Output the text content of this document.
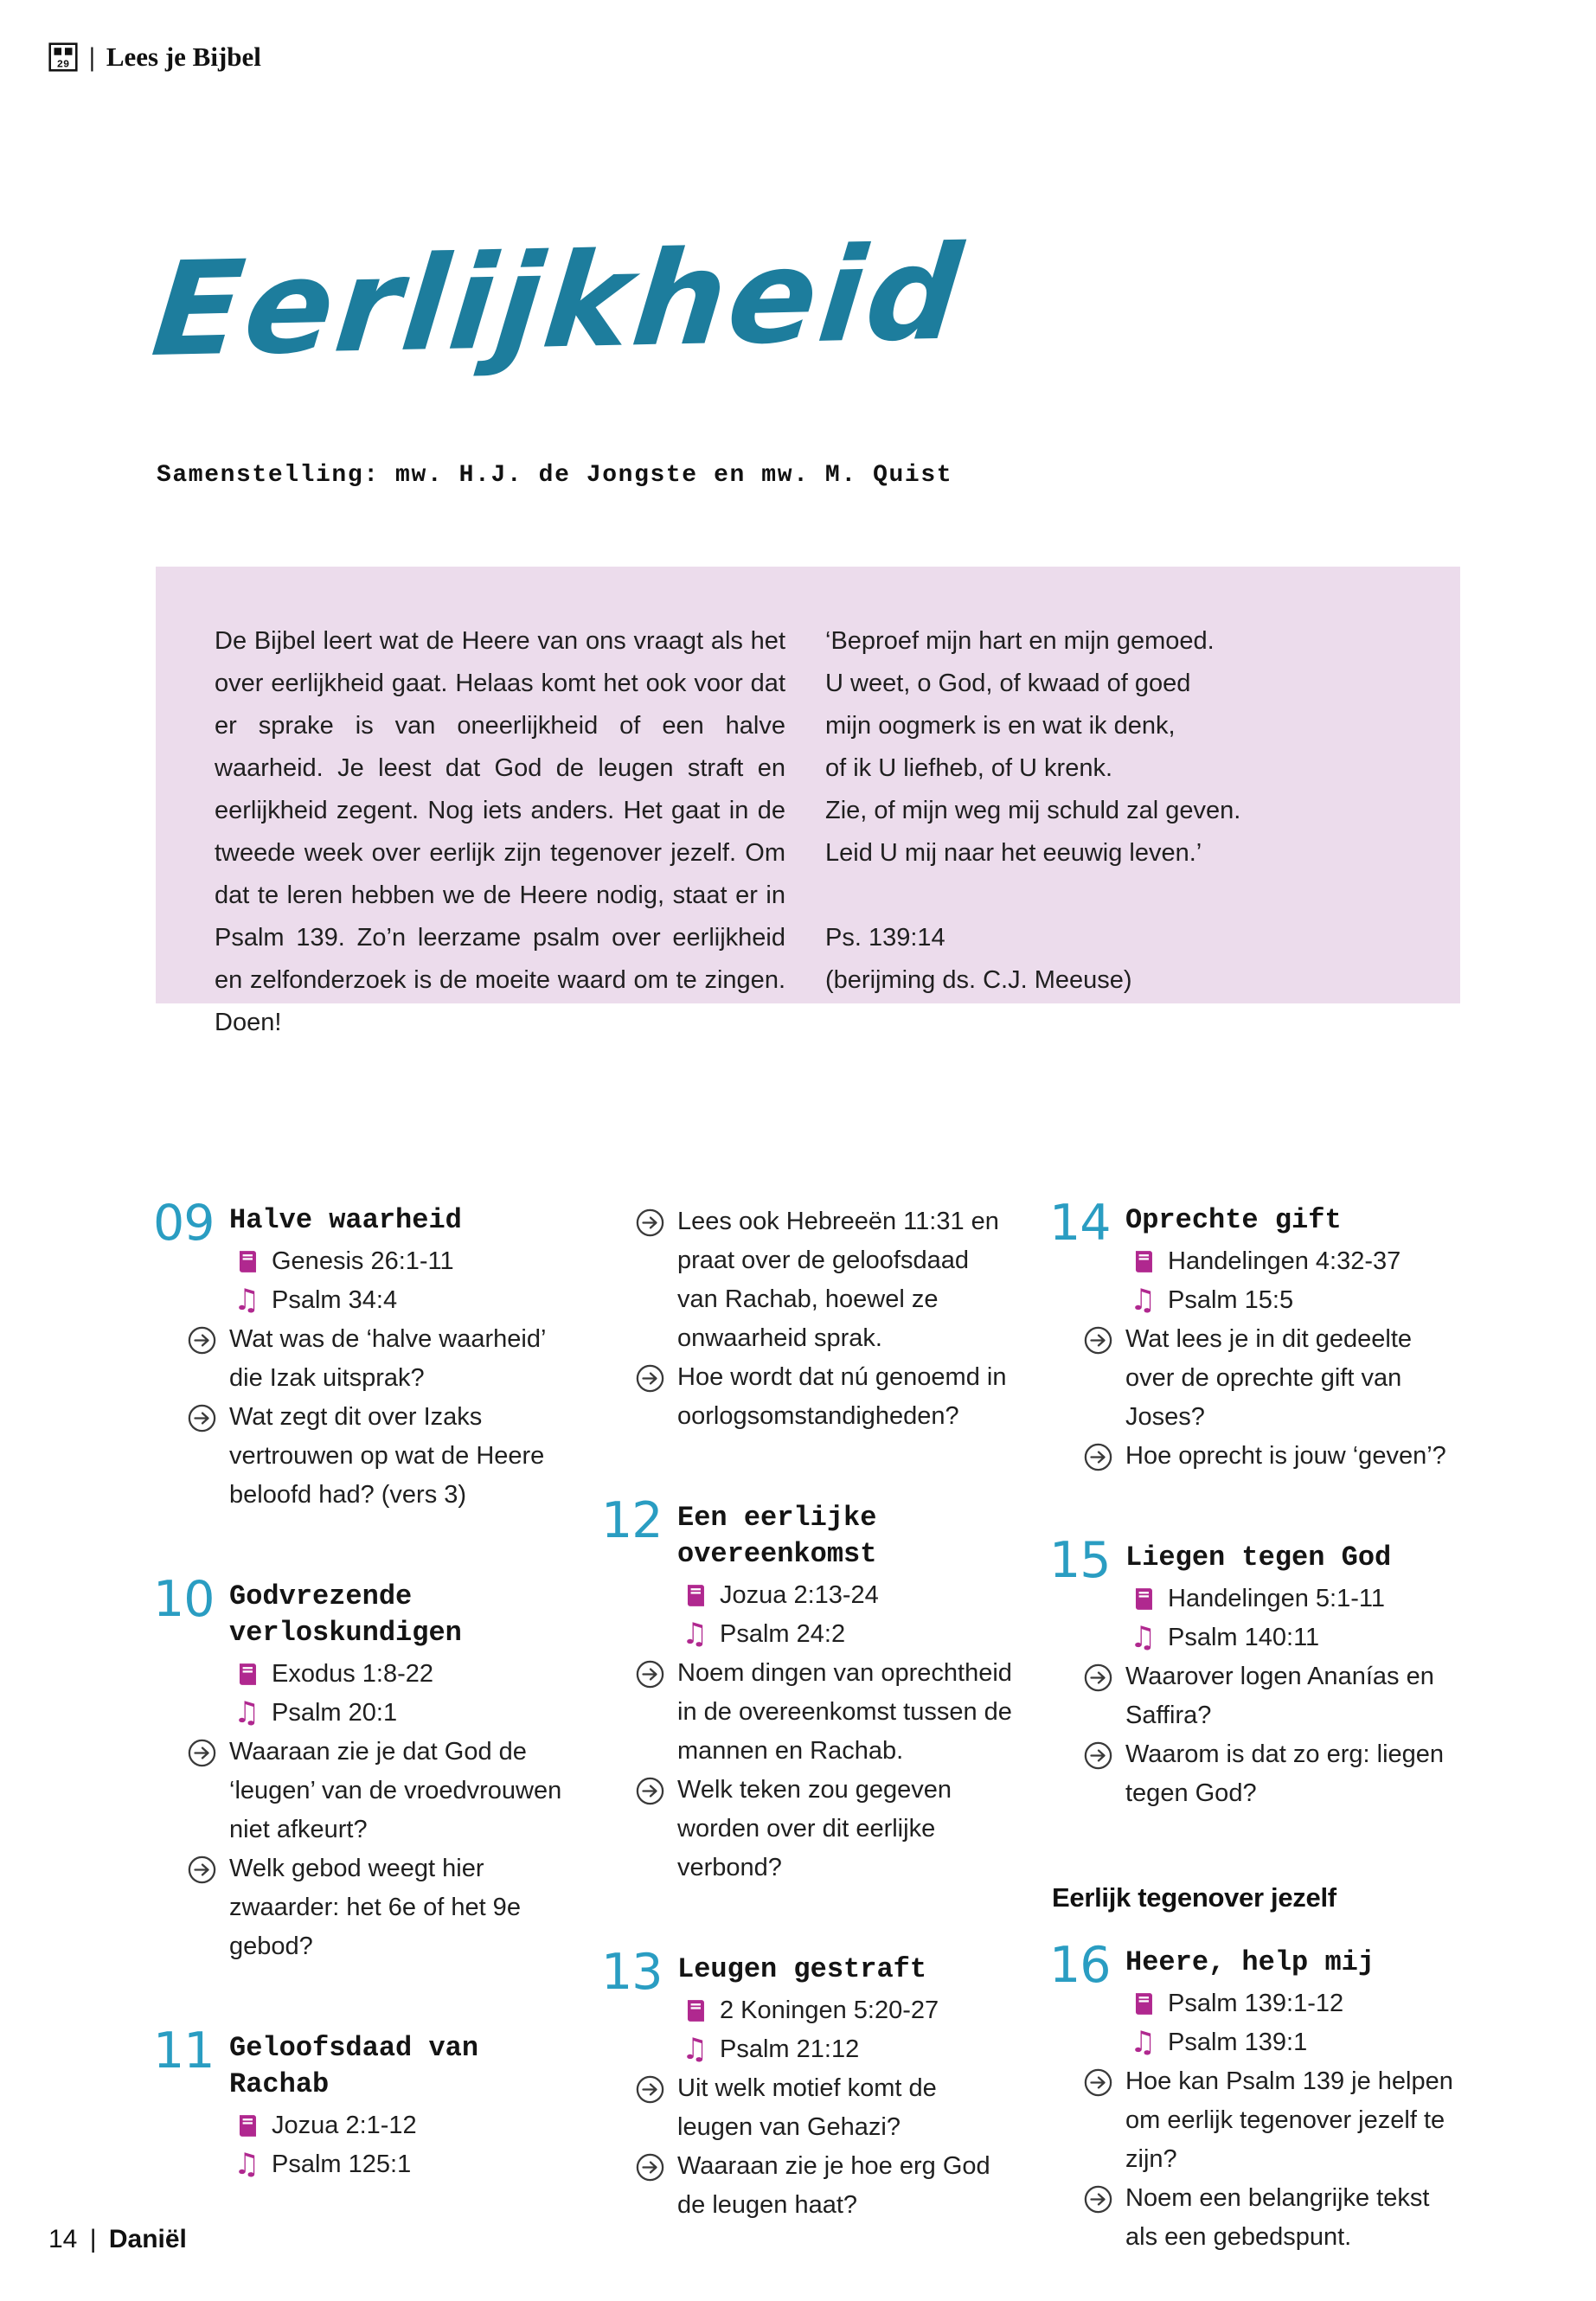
29 | Lees je Bijbel
Eerlijkheid
Samenstelling: mw. H.J. de Jongste en mw. M. Quist

De Bijbel leert wat de Heere van ons vraagt als het over eerlijkheid gaat. Helaas komt het ook voor dat er sprake is van oneerlijkheid of een halve waarheid. Je leest dat God de leugen straft en eerlijkheid zegent. Nog iets anders. Het gaat in de tweede week over eerlijk zijn tegenover jezelf. Om dat te leren hebben we de Heere nodig, staat er in Psalm 139. Zo’n leerzame psalm over eerlijkheid en zelfonderzoek is de moeite waard om te zingen. Doen!

‘Beproef mijn hart en mijn gemoed.
U weet, o God, of kwaad of goed
mijn oogmerk is en wat ik denk,
of ik U liefheb, of U krenk.
Zie, of mijn weg mij schuld zal geven.
Leid U mij naar het eeuwig leven.’
Ps. 139:14
(berijming ds. C.J. Meeuse)
09 Halve waarheid
Genesis 26:1-11
♫ Psalm 34:4
Wat was de ‘halve waarheid’ die Izak uitsprak?
Wat zegt dit over Izaks vertrouwen op wat de Heere beloofd had? (vers 3)
10 Godvrezende verloskundigen
Exodus 1:8-22
♫ Psalm 20:1
Waaraan zie je dat God de ‘leugen’ van de vroedvrouwen niet afkeurt?
Welk gebod weegt hier zwaarder: het 6e of het 9e gebod?
11 Geloofsdaad van Rachab
Jozua 2:1-12
♫ Psalm 125:1
Lees ook Hebreeën 11:31 en praat over de geloofsdaad van Rachab, hoewel ze onwaarheid sprak.
Hoe wordt dat nú genoemd in oorlogsomstandigheden?
12 Een eerlijke overeenkomst
Jozua 2:13-24
♫ Psalm 24:2
Noem dingen van oprechtheid in de overeenkomst tussen de mannen en Rachab.
Welk teken zou gegeven worden over dit eerlijke verbond?
13 Leugen gestraft
2 Koningen 5:20-27
♫ Psalm 21:12
Uit welk motief komt de leugen van Gehazi?
Waaraan zie je hoe erg God de leugen haat?
14 Oprechte gift
Handelingen 4:32-37
♫ Psalm 15:5
Wat lees je in dit gedeelte over de oprechte gift van Joses?
Hoe oprecht is jouw ‘geven’?
15 Liegen tegen God
Handelingen 5:1-11
♫ Psalm 140:11
Waarover logen Ananías en Saffira?
Waarom is dat zo erg: liegen tegen God?
Eerlijk tegenover jezelf
16 Heere, help mij
Psalm 139:1-12
♫ Psalm 139:1
Hoe kan Psalm 139 je helpen om eerlijk tegenover jezelf te zijn?
Noem een belangrijke tekst als een gebedspunt.
14 | Daniël
